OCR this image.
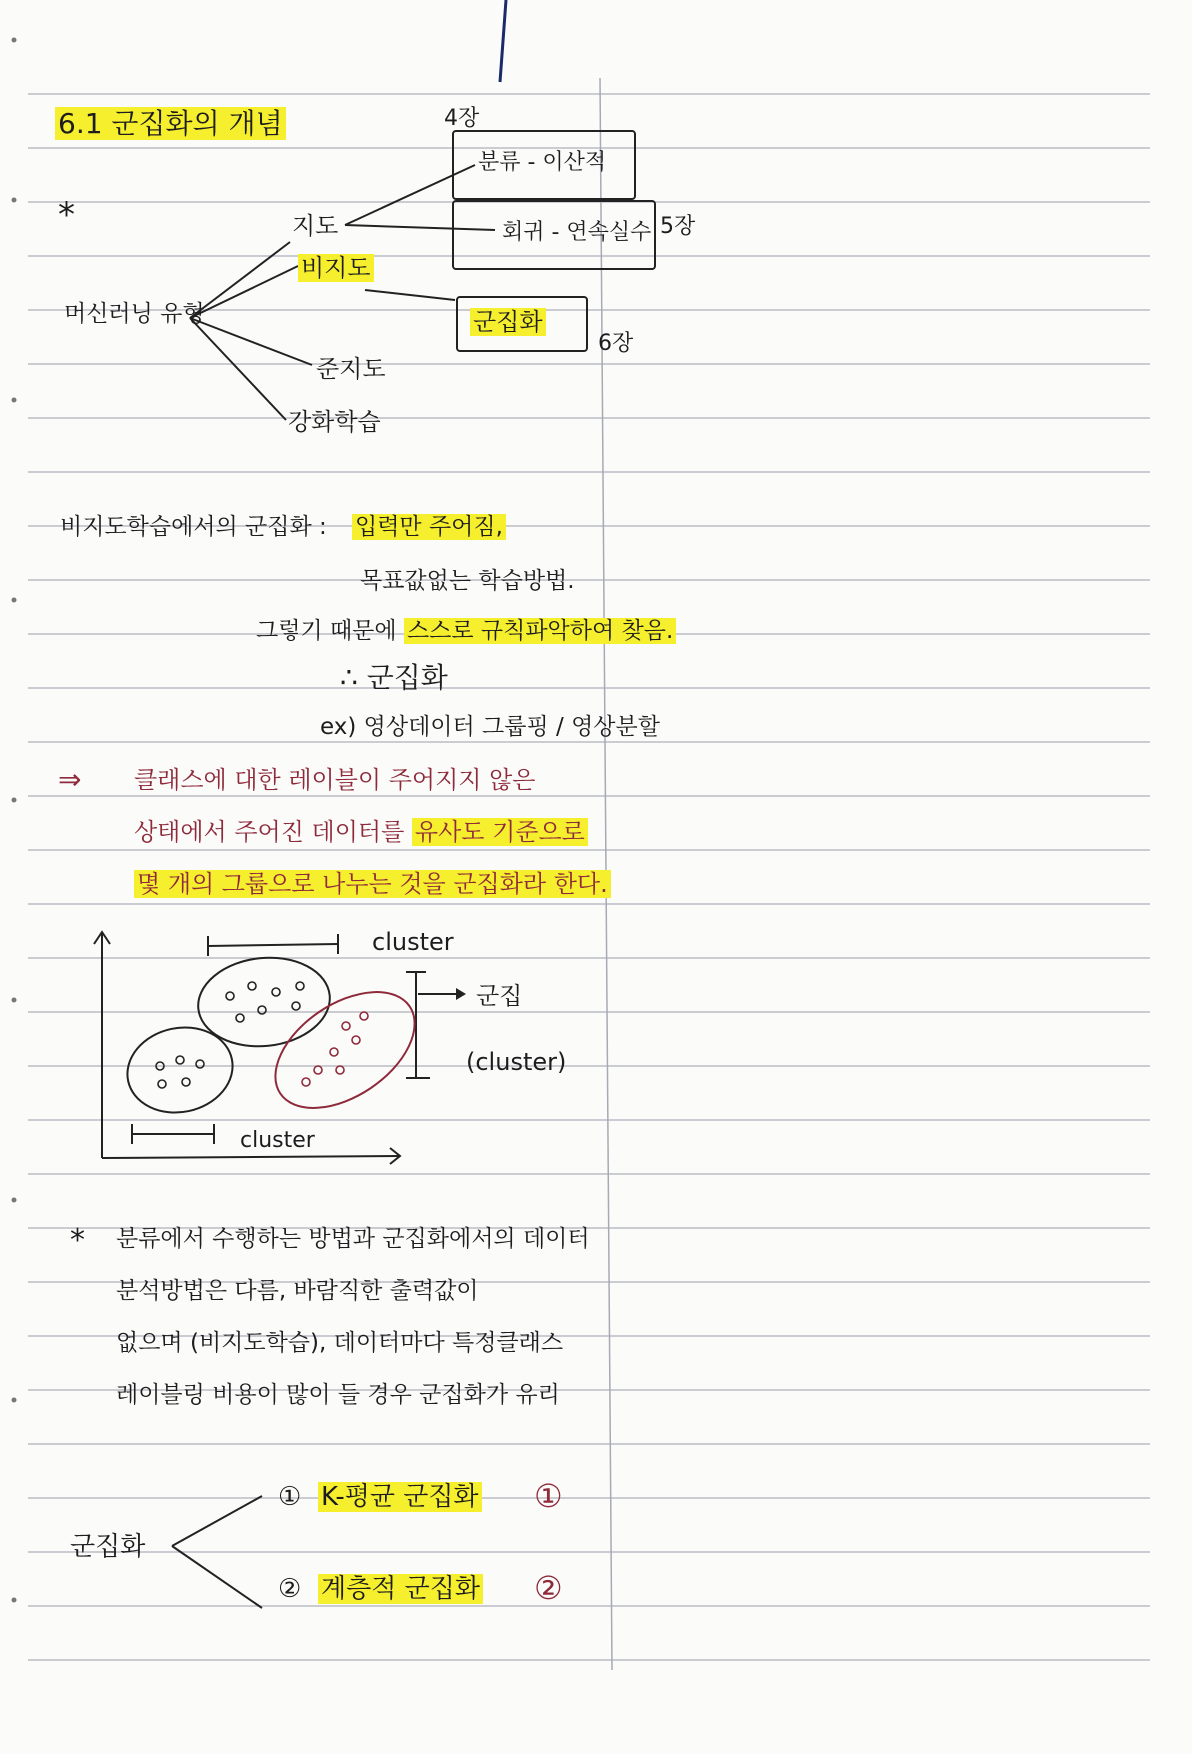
6.1 군집화의 개념
*
머신러닝 유형
지도
비지도
준지도
강화학습
4장
분류 - 이산적
회귀 - 연속실수 5장
군집화
6장
비지도학습에서의 군집화 : 입력만 주어짐,
목표값없는 학습방법.
그렇기 때문에 스스로 규칙파악하여 찾음.
∴ 군집화
ex) 영상데이터 그룹핑 / 영상분할
⇒ 클래스에 대한 레이블이 주어지지 않은
상태에서 주어진 데이터를 유사도 기준으로
몇 개의 그룹으로 나누는 것을 군집화라 한다.
cluster
cluster
군집
(cluster)
* 분류에서 수행하는 방법과 군집화에서의 데이터
분석방법은 다름, 바람직한 출력값이
없으며 (비지도학습), 데이터마다 특정클래스
레이블링 비용이 많이 들 경우 군집화가 유리
군집화
① K-평균 군집화 ①
② 계층적 군집화 ②
